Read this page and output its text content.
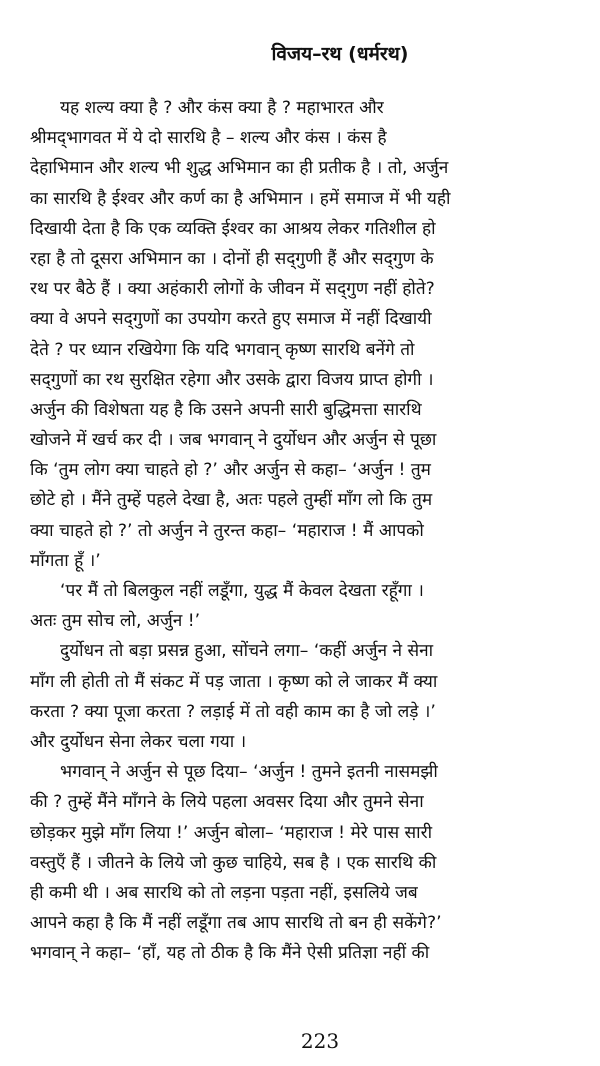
विजय–रथ (धर्मरथ)
यह शल्य क्या है ? और कंस क्या है ? महाभारत और
श्रीमद्‌भागवत में ये दो सारथि है – शल्य और कंस । कंस है
देहाभिमान और शल्य भी शुद्ध अभिमान का ही प्रतीक है । तो, अर्जुन
का सारथि है ईश्वर और कर्ण का है अभिमान । हमें समाज में भी यही
दिखायी देता है कि एक व्यक्ति ईश्वर का आश्रय लेकर गतिशील हो
रहा है तो दूसरा अभिमान का । दोनों ही सद्‌गुणी हैं और सद्‌गुण के
रथ पर बैठे हैं । क्या अहंकारी लोगों के जीवन में सद्‌गुण नहीं होते?
क्या वे अपने सद्‌गुणों का उपयोग करते हुए समाज में नहीं दिखायी
देते ? पर ध्यान रखियेगा कि यदि भगवान्‌ कृष्ण सारथि बनेंगे तो
सद्‌गुणों का रथ सुरक्षित रहेगा और उसके द्वारा विजय प्राप्त होगी ।
अर्जुन की विशेषता यह है कि उसने अपनी सारी बुद्धिमत्ता सारथि
खोजने में खर्च कर दी । जब भगवान्‌ ने दुर्योधन और अर्जुन से पूछा
कि ‘तुम लोग क्या चाहते हो ?’ और अर्जुन से कहा– ‘अर्जुन ! तुम
छोटे हो । मैंने तुम्हें पहले देखा है, अतः पहले तुम्हीं माँग लो कि तुम
क्या चाहते हो ?’ तो अर्जुन ने तुरन्त कहा– ‘महाराज ! मैं आपको
माँगता हूँ ।’
‘पर मैं तो बिलकुल नहीं लडूँगा, युद्ध मैं केवल देखता रहूँगा ।
अतः तुम सोच लो, अर्जुन !’
दुर्योधन तो बड़ा प्रसन्न हुआ, सोंचने लगा– ‘कहीं अर्जुन ने सेना
माँग ली होती तो मैं संकट में पड़ जाता । कृष्ण को ले जाकर मैं क्या
करता ? क्या पूजा करता ? लड़ाई में तो वही काम का है जो लड़े ।’
और दुर्योधन सेना लेकर चला गया ।
भगवान्‌ ने अर्जुन से पूछ दिया– ‘अर्जुन ! तुमने इतनी नासमझी
की ? तुम्हें मैंने माँगने के लिये पहला अवसर दिया और तुमने सेना
छोड़कर मुझे माँग लिया !’ अर्जुन बोला– ‘महाराज ! मेरे पास सारी
वस्तुएँ हैं । जीतने के लिये जो कुछ चाहिये, सब है । एक सारथि की
ही कमी थी । अब सारथि को तो लड़ना पड़ता नहीं, इसलिये जब
आपने कहा है कि मैं नहीं लडूँगा तब आप सारथि तो बन ही सकेंगे?’
भगवान्‌ ने कहा– ‘हाँ, यह तो ठीक है कि मैंने ऐसी प्रतिज्ञा नहीं की
223
